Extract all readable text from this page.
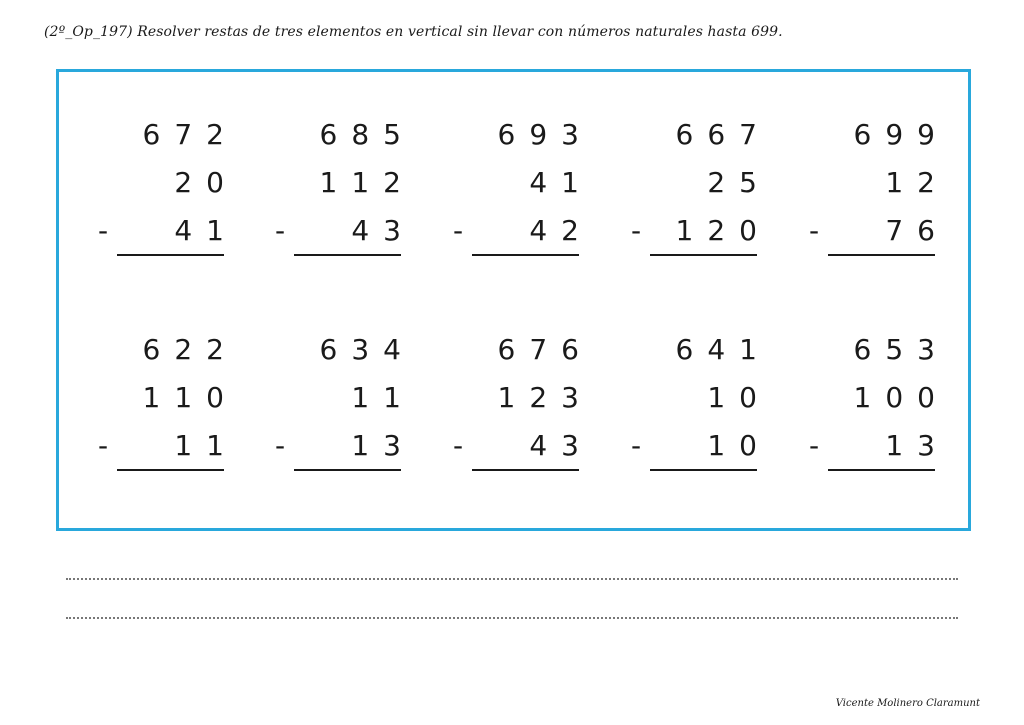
(2º_Op_197) Resolver restas de tres elementos en vertical sin llevar con números naturales hasta 699.
672
20
- 41
685
112
- 43
693
41
- 42
667
25
- 120
699
12
- 76
622
110
- 11
634
11
- 13
676
123
- 43
641
10
- 10
653
100
- 13
Vicente Molinero Claramunt
